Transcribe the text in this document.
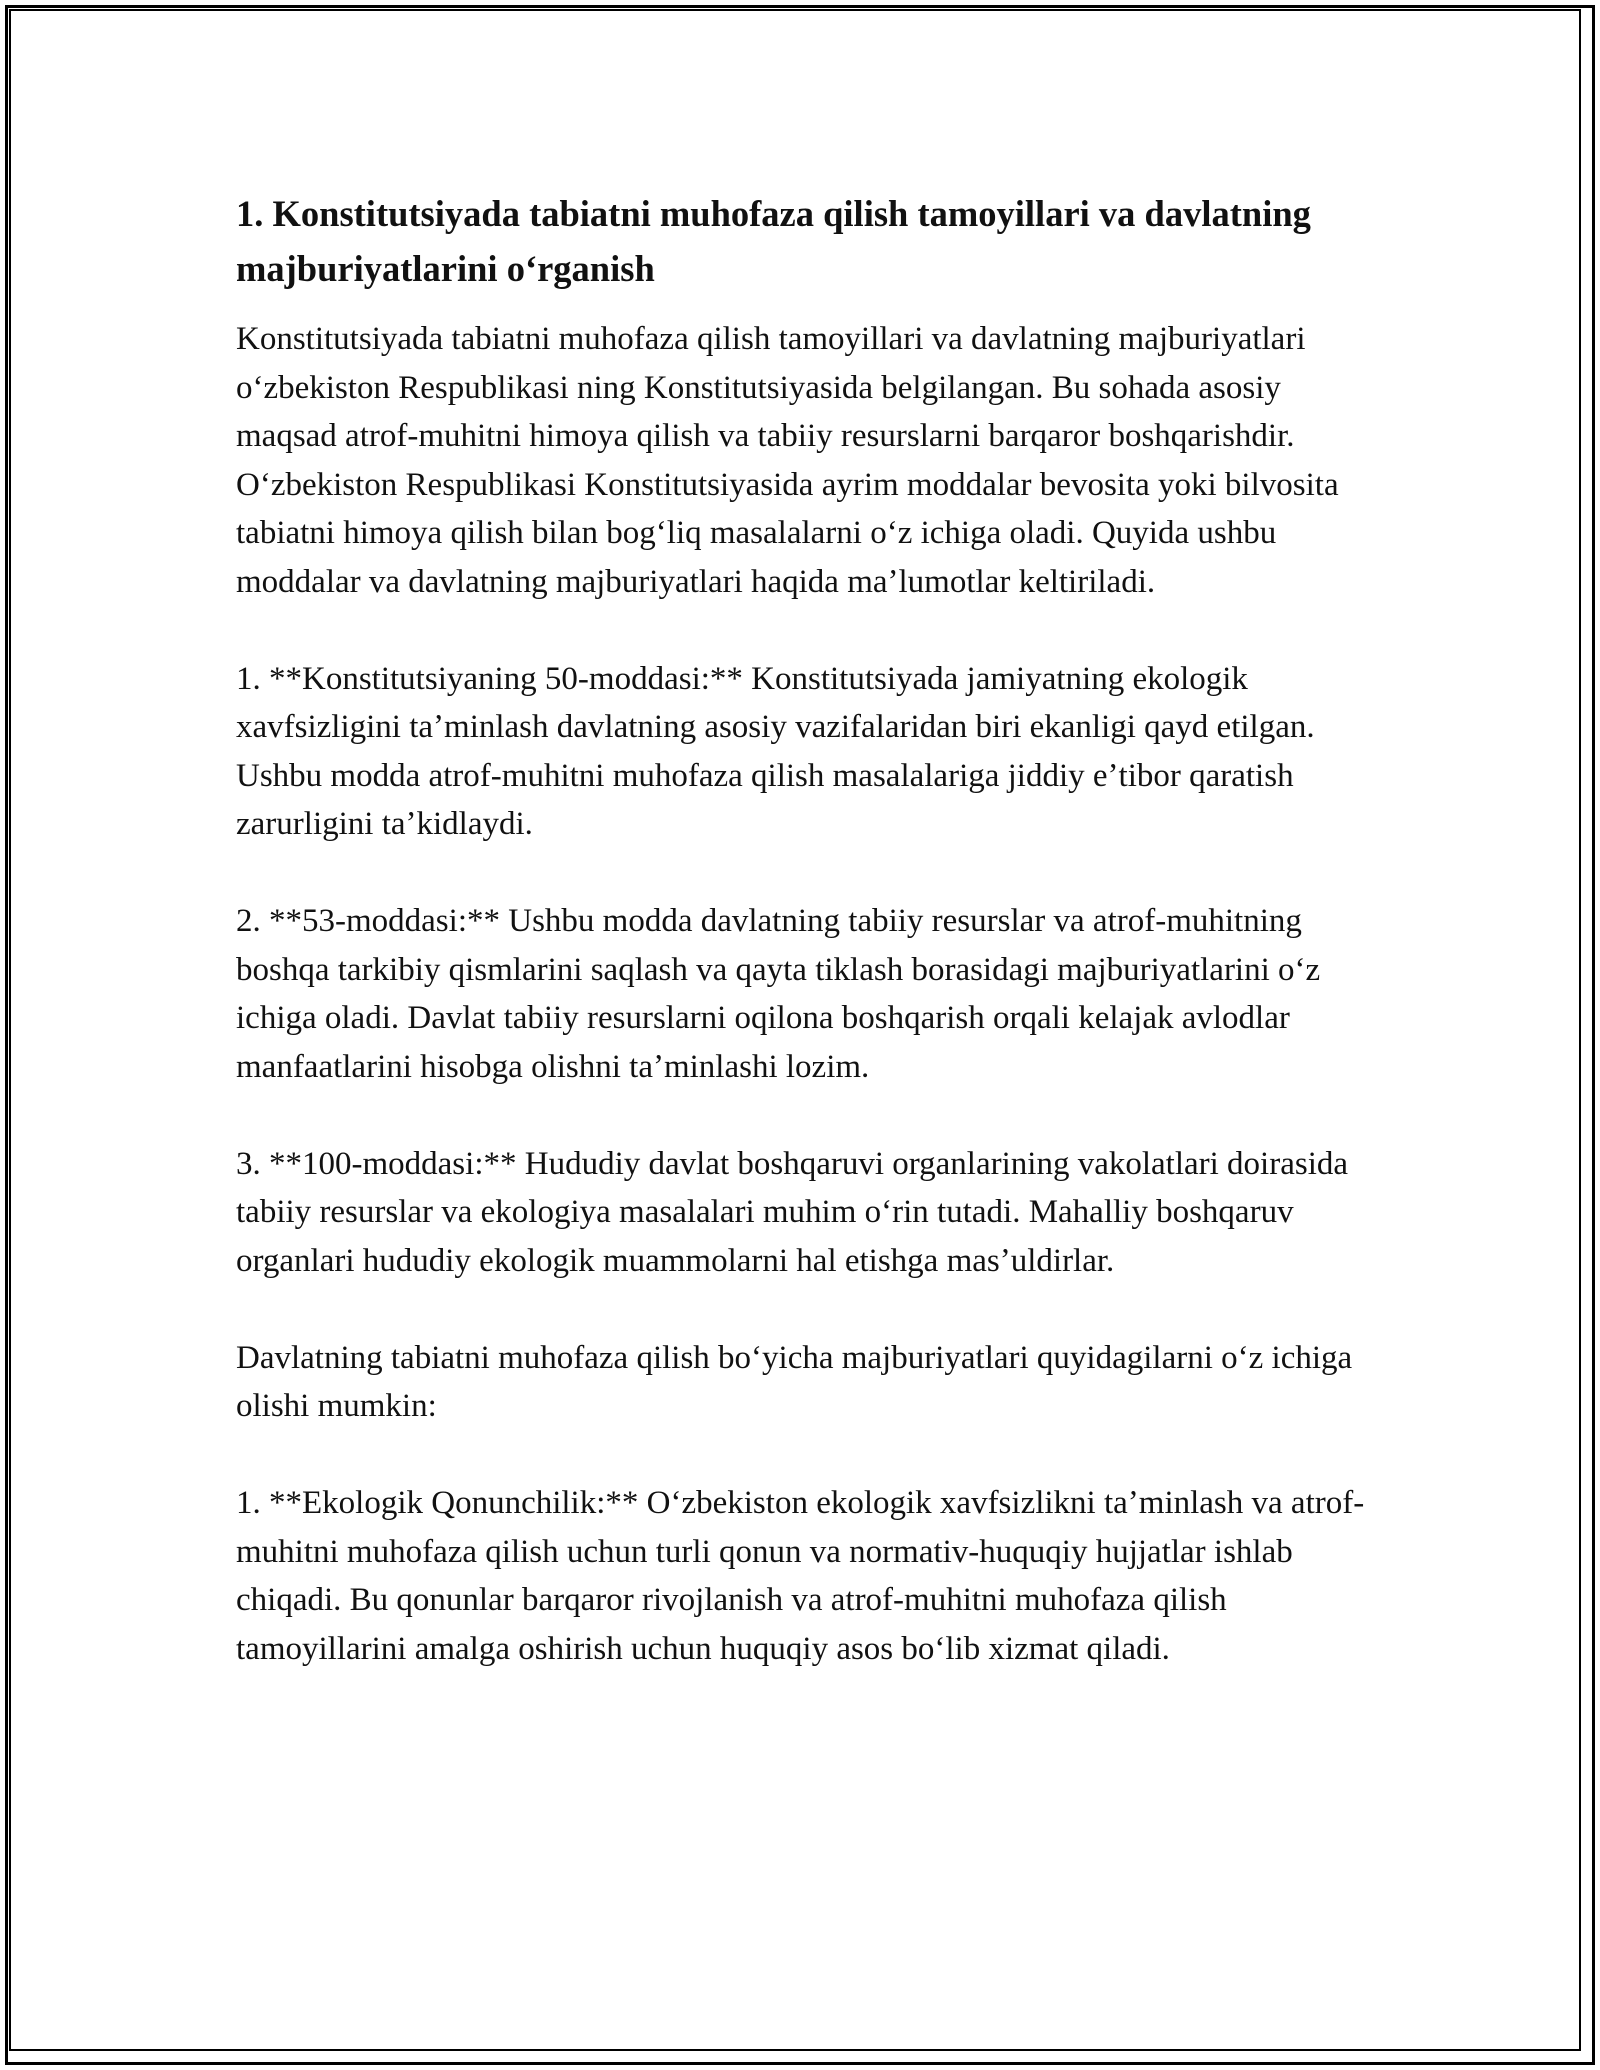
1. Konstitutsiyada tabiatni muhofaza qilish tamoyillari va davlatning majburiyatlarini oʻrganish

Konstitutsiyada tabiatni muhofaza qilish tamoyillari va davlatning majburiyatlari oʻzbekiston Respublikasi ning Konstitutsiyasida belgilangan. Bu sohada asosiy maqsad atrof-muhitni himoya qilish va tabiiy resurslarni barqaror boshqarishdir. Oʻzbekiston Respublikasi Konstitutsiyasida ayrim moddalar bevosita yoki bilvosita tabiatni himoya qilish bilan bogʻliq masalalarni oʻz ichiga oladi. Quyida ushbu moddalar va davlatning majburiyatlari haqida maʼlumotlar keltiriladi.

1. **Konstitutsiyaning 50-moddasi:** Konstitutsiyada jamiyatning ekologik xavfsizligini taʼminlash davlatning asosiy vazifalaridan biri ekanligi qayd etilgan. Ushbu modda atrof-muhitni muhofaza qilish masalalariga jiddiy eʼtibor qaratish zarurligini taʼkidlaydi.

2. **53-moddasi:** Ushbu modda davlatning tabiiy resurslar va atrof-muhitning boshqa tarkibiy qismlarini saqlash va qayta tiklash borasidagi majburiyatlarini oʻz ichiga oladi. Davlat tabiiy resurslarni oqilona boshqarish orqali kelajak avlodlar manfaatlarini hisobga olishni taʼminlashi lozim.

3. **100-moddasi:** Hududiy davlat boshqaruvi organlarining vakolatlari doirasida tabiiy resurslar va ekologiya masalalari muhim oʻrin tutadi. Mahalliy boshqaruv organlari hududiy ekologik muammolarni hal etishga masʼuldirlar.

Davlatning tabiatni muhofaza qilish boʻyicha majburiyatlari quyidagilarni oʻz ichiga olishi mumkin:

1. **Ekologik Qonunchilik:** Oʻzbekiston ekologik xavfsizlikni taʼminlash va atrof-muhitni muhofaza qilish uchun turli qonun va normativ-huquqiy hujjatlar ishlab chiqadi. Bu qonunlar barqaror rivojlanish va atrof-muhitni muhofaza qilish tamoyillarini amalga oshirish uchun huquqiy asos boʻlib xizmat qiladi.
